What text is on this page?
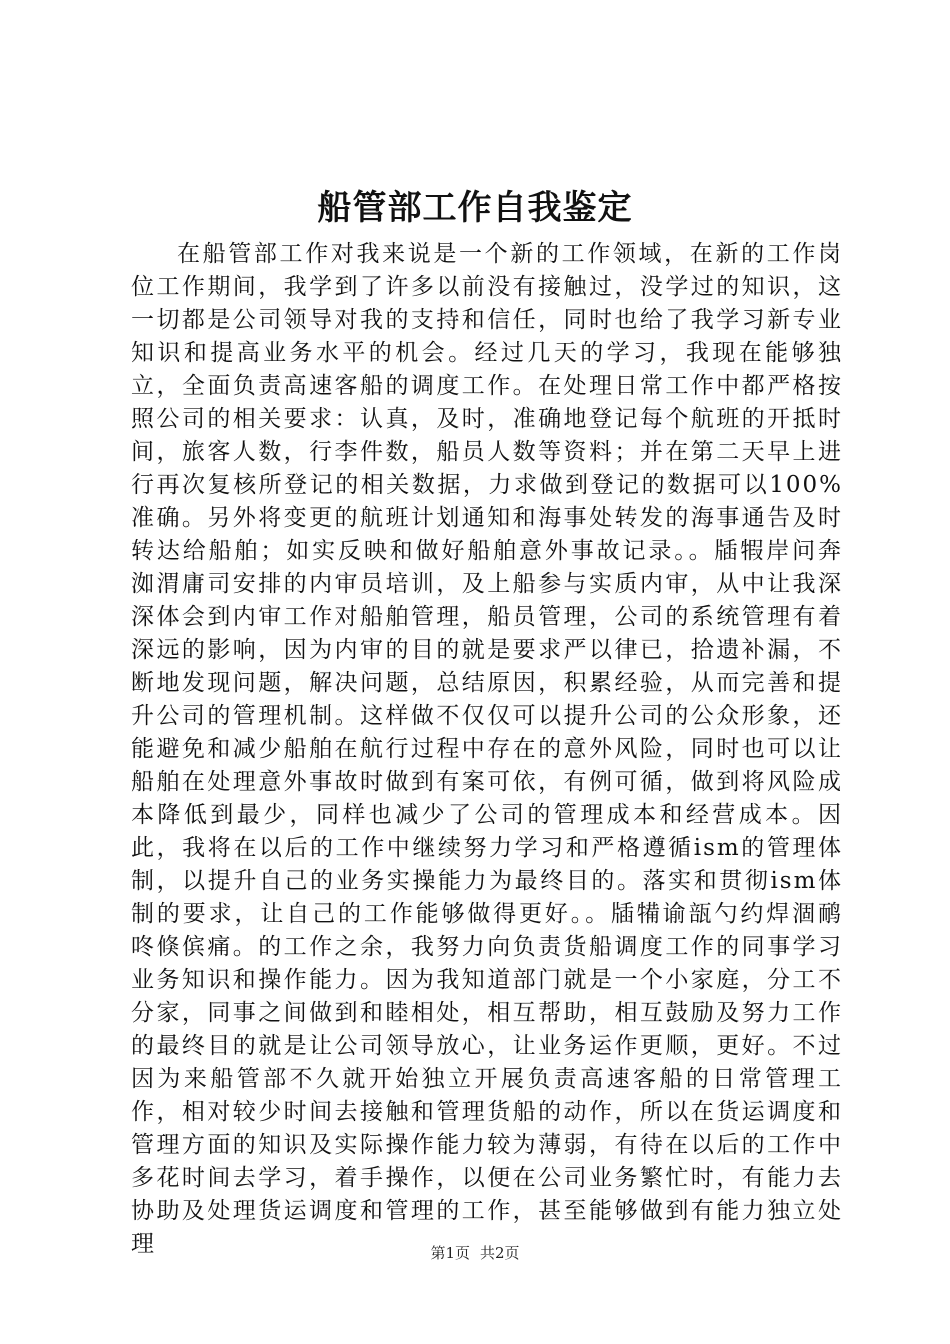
船管部工作自我鉴定

在船管部工作对我来说是一个新的工作领域，在新的工作岗位工作期间，我学到了许多以前没有接触过，没学过的知识，这一切都是公司领导对我的支持和信任，同时也给了我学习新专业知识和提高业务水平的机会。经过几天的学习，我现在能够独立，全面负责高速客船的调度工作。在处理日常工作中都严格按照公司的相关要求：认真，及时，准确地登记每个航班的开抵时间，旅客人数，行李件数，船员人数等资料；并在第二天早上进行再次复核所登记的相关数据，力求做到登记的数据可以100%准确。另外将变更的航班计划通知和海事处转发的海事通告及时转达给船舶；如实反映和做好船舶意外事故记录。。牐犌岸问奔洳渭庸司安排的内审员培训，及上船参与实质内审，从中让我深深体会到内审工作对船舶管理，船员管理，公司的系统管理有着深远的影响，因为内审的目的就是要求严以律已，拾遗补漏，不断地发现问题，解决问题，总结原因，积累经验，从而完善和提升公司的管理机制。这样做不仅仅可以提升公司的公众形象，还能避免和减少船舶在航行过程中存在的意外风险，同时也可以让船舶在处理意外事故时做到有案可依，有例可循，做到将风险成本降低到最少，同样也减少了公司的管理成本和经营成本。因此，我将在以后的工作中继续努力学习和严格遵循ism的管理体制，以提升自己的业务实操能力为最终目的。落实和贯彻ism体制的要求，让自己的工作能够做得更好。。牐犕谕瓿勺约焊涸鸸咚倏傧痛。的工作之余，我努力向负责货船调度工作的同事学习业务知识和操作能力。因为我知道部门就是一个小家庭，分工不分家，同事之间做到和睦相处，相互帮助，相互鼓励及努力工作的最终目的就是让公司领导放心，让业务运作更顺，更好。不过因为来船管部不久就开始独立开展负责高速客船的日常管理工作，相对较少时间去接触和管理货船的动作，所以在货运调度和管理方面的知识及实际操作能力较为薄弱，有待在以后的工作中多花时间去学习，着手操作，以便在公司业务繁忙时，有能力去协助及处理货运调度和管理的工作，甚至能够做到有能力独立处理	第1页 共2页
